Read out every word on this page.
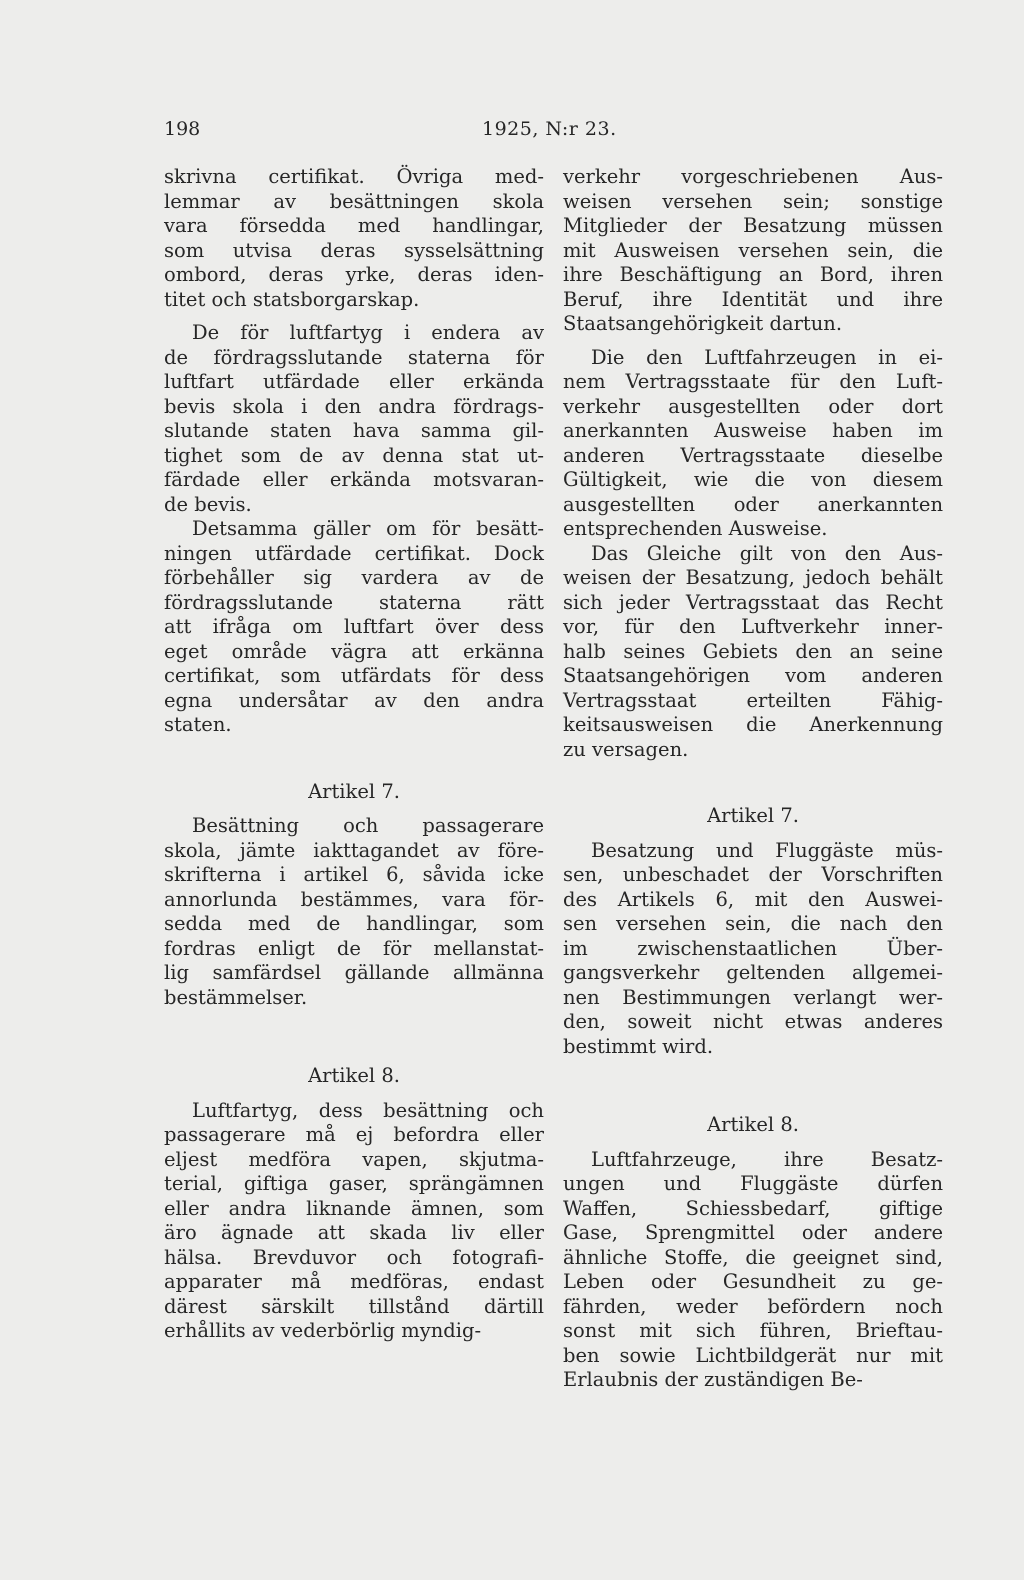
198	1925, N:r 23.
skrivna certifikat. Övriga med-
lemmar av besättningen skola
vara försedda med handlingar,
som utvisa deras sysselsättning
ombord, deras yrke, deras iden-
titet och statsborgarskap.
De för luftfartyg i endera av
de fördragsslutande staterna för
luftfart utfärdade eller erkända
bevis skola i den andra fördrags-
slutande staten hava samma gil-
tighet som de av denna stat ut-
färdade eller erkända motsvaran-
de bevis.
Detsamma gäller om för besätt-
ningen utfärdade certifikat. Dock
förbehåller sig vardera av de
fördragsslutande staterna rätt
att ifråga om luftfart över dess
eget område vägra att erkänna
certifikat, som utfärdats för dess
egna undersåtar av den andra
staten.
Artikel 7.
Besättning och passagerare
skola, jämte iakttagandet av före-
skrifterna i artikel 6, såvida icke
annorlunda bestämmes, vara för-
sedda med de handlingar, som
fordras enligt de för mellanstat-
lig samfärdsel gällande allmänna
bestämmelser.
Artikel 8.
Luftfartyg, dess besättning och
passagerare må ej befordra eller
eljest medföra vapen, skjutma-
terial, giftiga gaser, sprängämnen
eller andra liknande ämnen, som
äro ägnade att skada liv eller
hälsa. Brevduvor och fotografi-
apparater må medföras, endast
därest särskilt tillstånd därtill
erhållits av vederbörlig myndig-
verkehr vorgeschriebenen Aus-
weisen versehen sein; sonstige
Mitglieder der Besatzung müssen
mit Ausweisen versehen sein, die
ihre Beschäftigung an Bord, ihren
Beruf, ihre Identität und ihre
Staatsangehörigkeit dartun.
Die den Luftfahrzeugen in ei-
nem Vertragsstaate für den Luft-
verkehr ausgestellten oder dort
anerkannten Ausweise haben im
anderen Vertragsstaate dieselbe
Gültigkeit, wie die von diesem
ausgestellten oder anerkannten
entsprechenden Ausweise.
Das Gleiche gilt von den Aus-
weisen der Besatzung, jedoch behält
sich jeder Vertragsstaat das Recht
vor, für den Luftverkehr inner-
halb seines Gebiets den an seine
Staatsangehörigen vom anderen
Vertragsstaat erteilten Fähig-
keitsausweisen die Anerkennung
zu versagen.
Artikel 7.
Besatzung und Fluggäste müs-
sen, unbeschadet der Vorschriften
des Artikels 6, mit den Auswei-
sen versehen sein, die nach den
im zwischenstaatlichen Über-
gangsverkehr geltenden allgemei-
nen Bestimmungen verlangt wer-
den, soweit nicht etwas anderes
bestimmt wird.
Artikel 8.
Luftfahrzeuge, ihre Besatz-
ungen und Fluggäste dürfen
Waffen, Schiessbedarf, giftige
Gase, Sprengmittel oder andere
ähnliche Stoffe, die geeignet sind,
Leben oder Gesundheit zu ge-
fährden, weder befördern noch
sonst mit sich führen, Brieftau-
ben sowie Lichtbildgerät nur mit
Erlaubnis der zuständigen Be-
